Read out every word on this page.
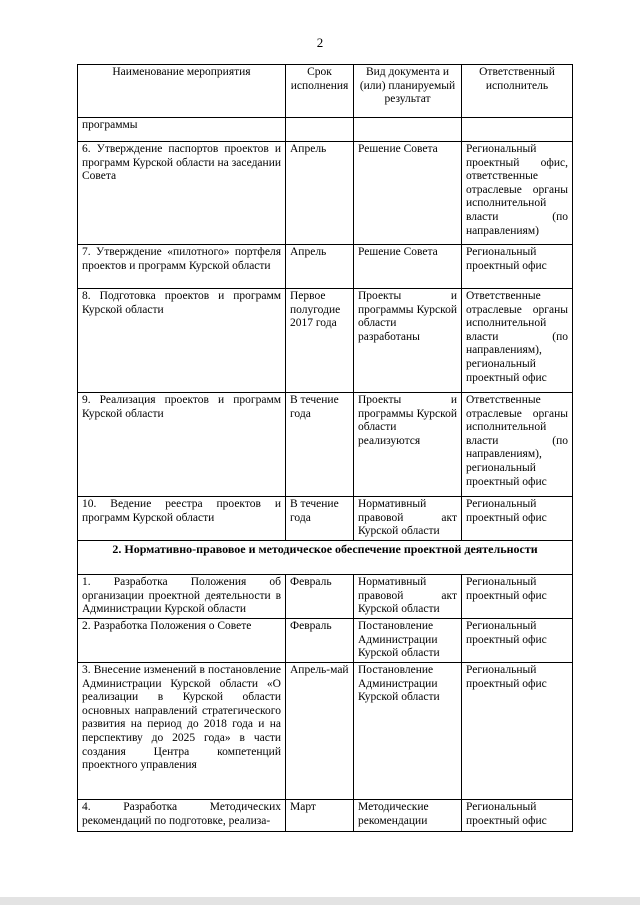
2
Наименование мероприятия	Срок исполнения	Вид документа и (или) планируемый результат	Ответственный исполнитель
программы			
6. Утверждение паспортов проектов и программ Курской области на заседании Совета	Апрель	Решение Совета	Региональный проектный офис, ответственные отраслевые органы исполнительной власти (по направлениям)
7. Утверждение «пилотного» портфеля проектов и программ Курской области	Апрель	Решение Совета	Региональный проектный офис
8. Подготовка проектов и программ Курской области	Первое полугодие 2017 года	Проекты и программы Курской области разработаны	Ответственные отраслевые органы исполнительной власти (по направлениям), региональный проектный офис
9. Реализация проектов и программ Курской области	В течение года	Проекты и программы Курской области реализуются	Ответственные отраслевые органы исполнительной власти (по направлениям), региональный проектный офис
10. Ведение реестра проектов и программ Курской области	В течение года	Нормативный правовой акт Курской области	Региональный проектный офис
2. Нормативно-правовое и методическое обеспечение проектной деятельности			
1. Разработка Положения об организации проектной деятельности в Администрации Курской области	Февраль	Нормативный правовой акт Курской области	Региональный проектный офис
2. Разработка Положения о Совете	Февраль	Постановление Администрации Курской области	Региональный проектный офис
3. Внесение изменений в постановление Администрации Курской области «О реализации в Курской области основных направлений стратегического развития на период до 2018 года и на перспективу до 2025 года» в части создания Центра компетенций проектного управления	Апрель-май	Постановление Администрации Курской области	Региональный проектный офис
4. Разработка Методических рекомендаций по подготовке, реализа-	Март	Методические рекомендации	Региональный проектный офис
